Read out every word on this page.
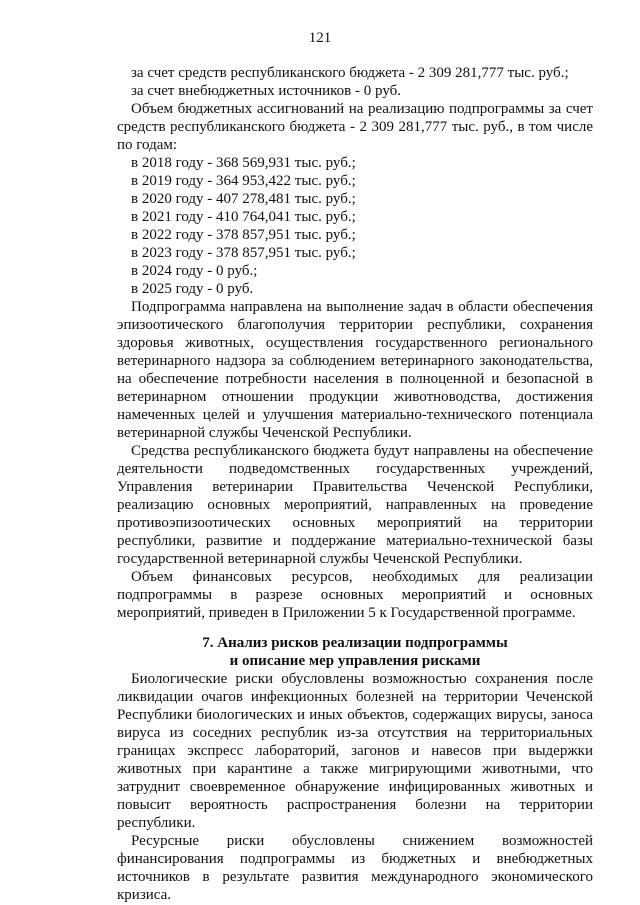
121

за счет средств республиканского бюджета - 2 309 281,777 тыс. руб.;

за счет внебюджетных источников - 0 руб.

Объем бюджетных ассигнований на реализацию подпрограммы за счет средств республиканского бюджета - 2 309 281,777 тыс. руб., в том числе по годам:

в 2018 году - 368 569,931 тыс. руб.;

в 2019 году - 364 953,422 тыс. руб.;

в 2020 году - 407 278,481 тыс. руб.;

в 2021 году - 410 764,041 тыс. руб.;

в 2022 году - 378 857,951 тыс. руб.;

в 2023 году - 378 857,951 тыс. руб.;

в 2024 году - 0 руб.;

в 2025 году - 0 руб.

Подпрограмма направлена на выполнение задач в области обеспечения эпизоотического благополучия территории республики, сохранения здоровья животных, осуществления государственного регионального ветеринарного надзора за соблюдением ветеринарного законодательства, на обеспечение потребности населения в полноценной и безопасной в ветеринарном отношении продукции животноводства, достижения намеченных целей и улучшения материально-технического потенциала ветеринарной службы Чеченской Республики.

Средства республиканского бюджета будут направлены на обеспечение деятельности подведомственных государственных учреждений, Управления ветеринарии Правительства Чеченской Республики, реализацию основных мероприятий, направленных на проведение противоэпизоотических основных мероприятий на территории республики, развитие и поддержание материально-технической базы государственной ветеринарной службы Чеченской Республики.

Объем финансовых ресурсов, необходимых для реализации подпрограммы в разрезе основных мероприятий и основных мероприятий, приведен в Приложении 5 к Государственной программе.

7. Анализ рисков реализации подпрограммы

и описание мер управления рисками

Биологические риски обусловлены возможностью сохранения после ликвидации очагов инфекционных болезней на территории Чеченской Республики биологических и иных объектов, содержащих вирусы, заноса вируса из соседних республик из-за отсутствия на территориальных границах экспресс лабораторий, загонов и навесов при выдержки животных при карантине а также мигрирующими животными, что затруднит своевременное обнаружение инфицированных животных и повысит вероятность распространения болезни на территории республики.

Ресурсные риски обусловлены снижением возможностей финансирования подпрограммы из бюджетных и внебюджетных источников в результате развития международного экономического кризиса.
